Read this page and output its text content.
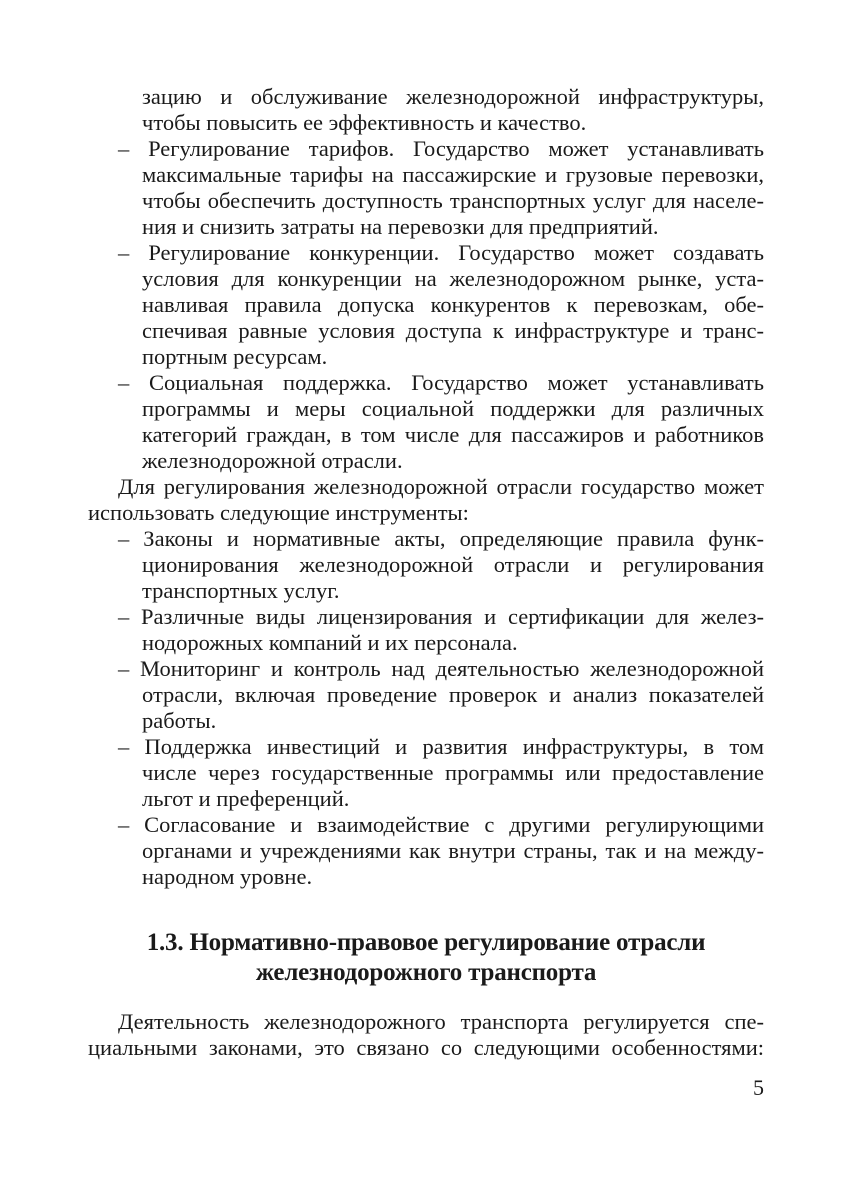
зацию и обслуживание железнодорожной инфраструктуры,
чтобы повысить ее эффективность и качество.
– Регулирование тарифов. Государство может устанавливать
максимальные тарифы на пассажирские и грузовые перевозки,
чтобы обеспечить доступность транспортных услуг для населе-
ния и снизить затраты на перевозки для предприятий.
– Регулирование конкуренции. Государство может создавать
условия для конкуренции на железнодорожном рынке, уста-
навливая правила допуска конкурентов к перевозкам, обе-
спечивая равные условия доступа к инфраструктуре и транс-
портным ресурсам.
– Социальная поддержка. Государство может устанавливать
программы и меры социальной поддержки для различных
категорий граждан, в том числе для пассажиров и работников
железнодорожной отрасли.
Для регулирования железнодорожной отрасли государство может
использовать следующие инструменты:
– Законы и нормативные акты, определяющие правила функ-
ционирования железнодорожной отрасли и регулирования
транспортных услуг.
– Различные виды лицензирования и сертификации для желез-
нодорожных компаний и их персонала.
– Мониторинг и контроль над деятельностью железнодорожной
отрасли, включая проведение проверок и анализ показателей
работы.
– Поддержка инвестиций и развития инфраструктуры, в том
числе через государственные программы или предоставление
льгот и преференций.
– Согласование и взаимодействие с другими регулирующими
органами и учреждениями как внутри страны, так и на между-
народном уровне.
1.3. Нормативно-правовое регулирование отрасли
железнодорожного транспорта
Деятельность железнодорожного транспорта регулируется спе-
циальными законами, это связано со следующими особенностями:
5
